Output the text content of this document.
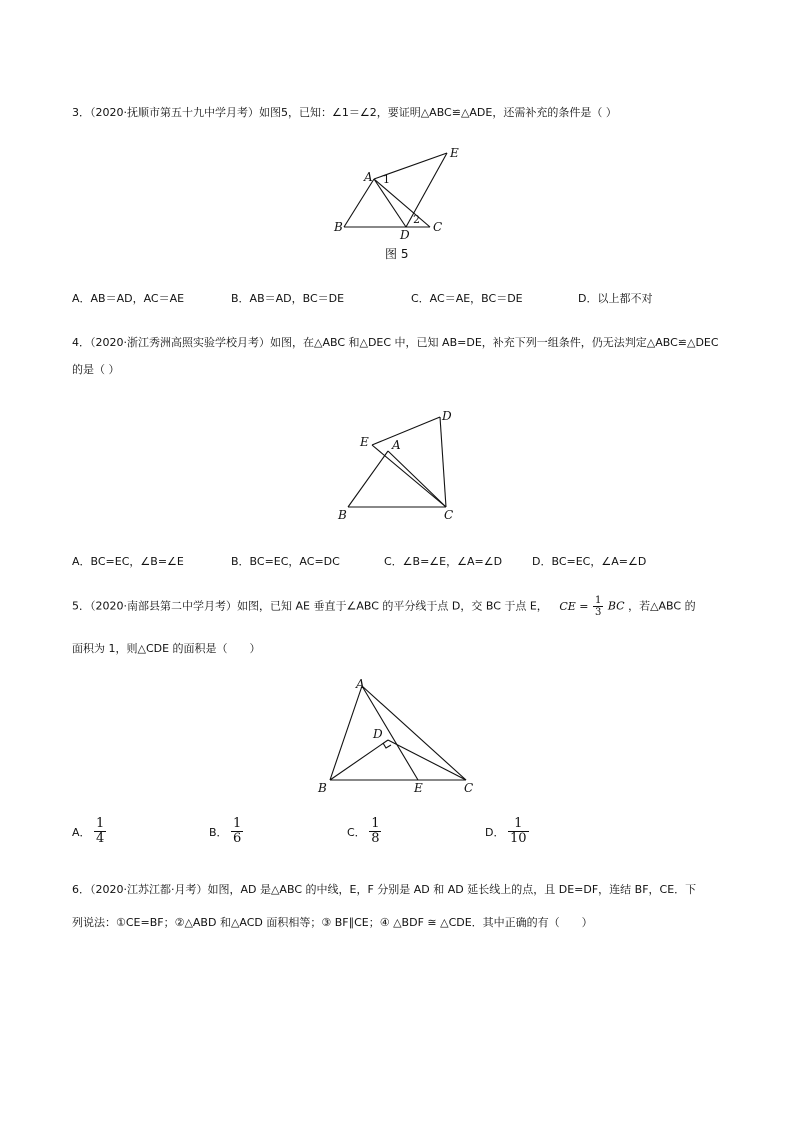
3．（2020·抚顺市第五十九中学月考）如图5，已知：∠1＝∠2，要证明△ABC≌△ADE，还需补充的条件是（ ）
A
B	C
D
E
1
2
图 5
A．AB＝AD，AC＝AE	B．AB＝AD，BC＝DE	C．AC＝AE，BC＝DE	D．以上都不对
4．（2020·浙江秀洲高照实验学校月考）如图，在△ABC 和△DEC 中，已知 AB=DE，补充下列一组条件，仍无法判定△ABC≌△DEC
的是（ ）
A
B	C
D
E
A．BC=EC，∠B=∠E	B．BC=EC，AC=DC	C．∠B=∠E，∠A=∠D	D．BC=EC，∠A=∠D
5．（2020·南部县第二中学月考）如图，已知 AE 垂直于∠ABC 的平分线于点 D，交 BC 于点 E， CE = $\frac{1}{3}$ BC ，若△ABC 的
面积为 1，则△CDE 的面积是（　　）
A
B	C
D
E
A． $\frac{1}{4}$	B． $\frac{1}{6}$	C． $\frac{1}{8}$	D． $\frac{1}{10}$
6．（2020·江苏江都·月考）如图，AD 是△ABC 的中线，E，F 分别是 AD 和 AD 延长线上的点，且 DE=DF，连结 BF，CE．下
列说法：①CE=BF；②△ABD 和△ACD 面积相等；③ BF∥CE；④ △BDF ≅ △CDE．其中正确的有（　　）
